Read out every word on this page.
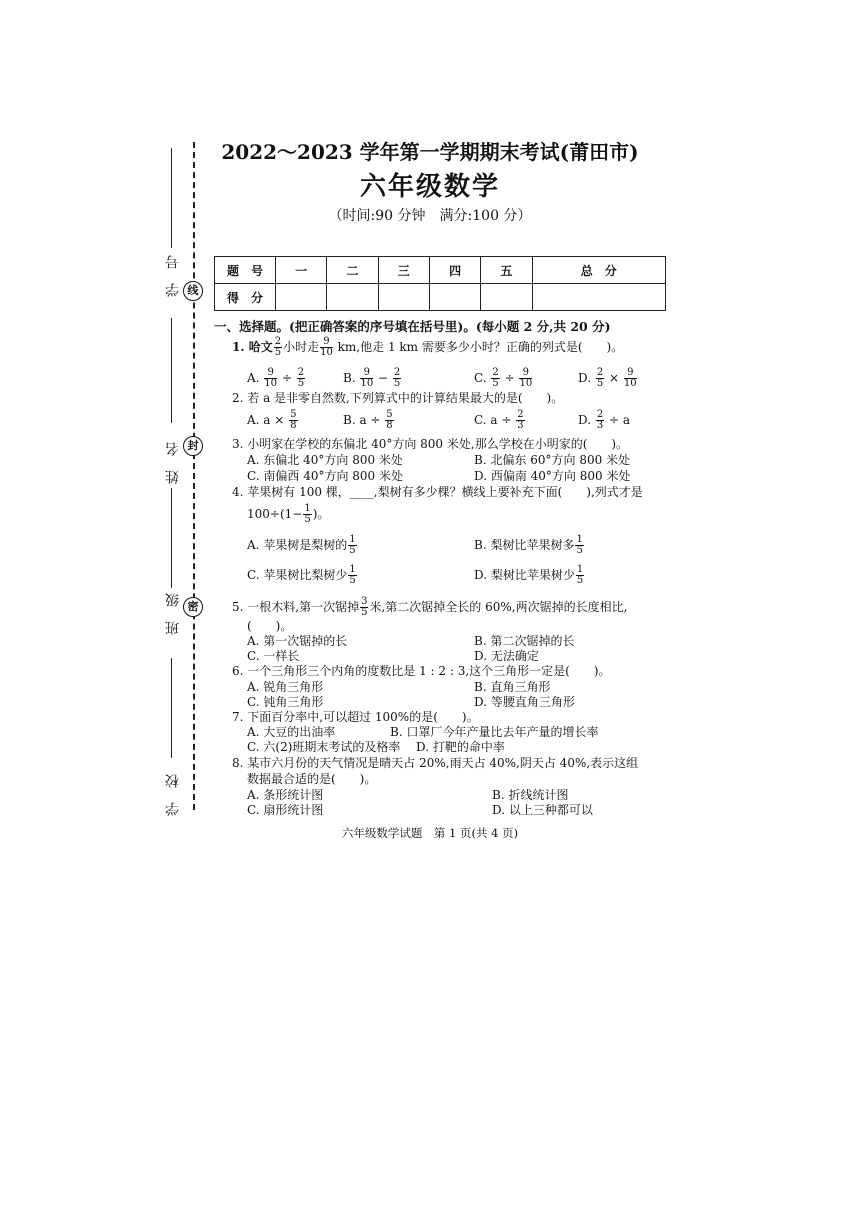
线
封
密
学　号
姓　名
班　级
学　校
2022～2023 学年第一学期期末考试(莆田市)
六年级数学
（时间:90 分钟　满分:100 分）
题　号	一	二	三	四	五	总　分
得　分						
一、选择题。(把正确答案的序号填在括号里)。(每小题 2 分,共 20 分)
1. 哈文 $\frac{2}{5}$ 小时走 $\frac{9}{10}$ km,他走 1 km 需要多少小时？正确的列式是(　　)。
A. $\frac{9}{10} \div \frac{2}{5}$	B. $\frac{9}{10} - \frac{2}{5}$	C. $\frac{2}{5} \div \frac{9}{10}$	D. $\frac{2}{5} \times \frac{9}{10}$
2. 若 a 是非零自然数,下列算式中的计算结果最大的是(　　)。
A. $a \times \frac{5}{8}$	B. $a \div \frac{5}{8}$	C. $a \div \frac{2}{3}$	D. $\frac{2}{3} \div a$
3. 小明家在学校的东偏北 40°方向 800 米处,那么学校在小明家的(　　)。
A. 东偏北 40°方向 800 米处	B. 北偏东 60°方向 800 米处
C. 南偏西 40°方向 800 米处	D. 西偏南 40°方向 800 米处
4. 苹果树有 100 棵，____,梨树有多少棵？横线上要补充下面(　　),列式才是
$100\div(1- \frac{1}{5}$ )。
A. 苹果树是梨树的 $\frac{1}{5}$	B. 梨树比苹果树多 $\frac{1}{5}$
C. 苹果树比梨树少 $\frac{1}{5}$	D. 梨树比苹果树少 $\frac{1}{5}$
5. 一根木料,第一次锯掉 $\frac{3}{5}$ 米,第二次锯掉全长的 60%,两次锯掉的长度相比,
(　　)。
A. 第一次锯掉的长	B. 第二次锯掉的长
C. 一样长	D. 无法确定
6. 一个三角形三个内角的度数比是 1 : 2 : 3,这个三角形一定是(　　)。
A. 锐角三角形	B. 直角三角形
C. 钝角三角形	D. 等腰直角三角形
7. 下面百分率中,可以超过 100%的是(　　)。
A. 大豆的出油率	B. 口罩厂今年产量比去年产量的增长率
C. 六(2)班期末考试的及格率 D. 打靶的命中率
8. 某市六月份的天气情况是晴天占 20%,雨天占 40%,阴天占 40%,表示这组
数据最合适的是(　　)。
A. 条形统计图	B. 折线统计图
C. 扇形统计图	D. 以上三种都可以
六年级数学试题　第 1 页(共 4 页)
